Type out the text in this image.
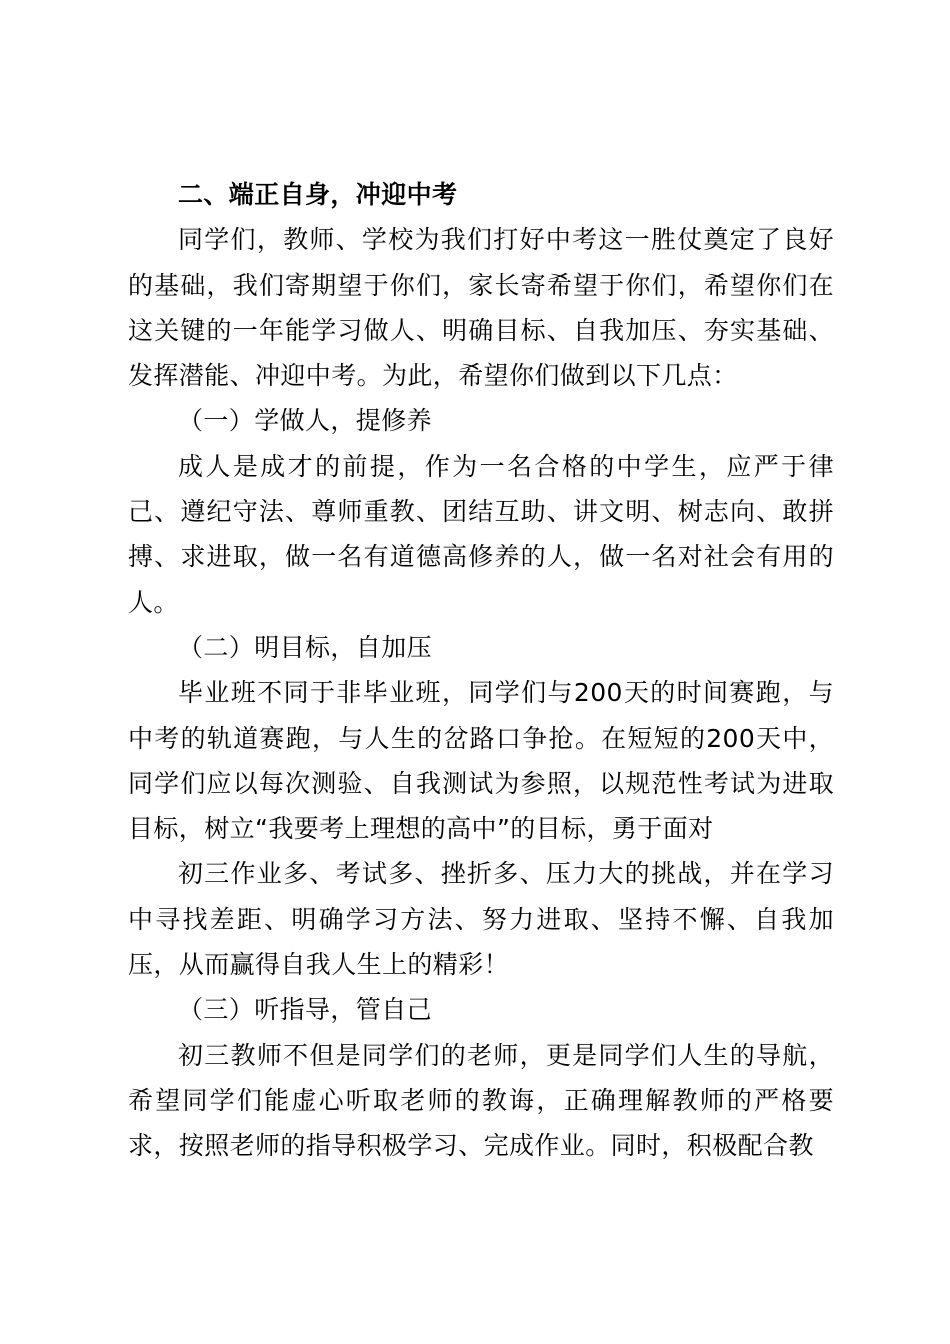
二、端正自身，冲迎中考

同学们，教师、学校为我们打好中考这一胜仗奠定了良好的基础，我们寄期望于你们，家长寄希望于你们，希望你们在这关键的一年能学习做人、明确目标、自我加压、夯实基础、发挥潜能、冲迎中考。为此，希望你们做到以下几点：

（一）学做人，提修养

成人是成才的前提，作为一名合格的中学生，应严于律己、遵纪守法、尊师重教、团结互助、讲文明、树志向、敢拼搏、求进取，做一名有道德高修养的人，做一名对社会有用的人。

（二）明目标，自加压

毕业班不同于非毕业班，同学们与200天的时间赛跑，与中考的轨道赛跑，与人生的岔路口争抢。在短短的200天中，同学们应以每次测验、自我测试为参照，以规范性考试为进取目标，树立“我要考上理想的高中”的目标，勇于面对

初三作业多、考试多、挫折多、压力大的挑战，并在学习中寻找差距、明确学习方法、努力进取、坚持不懈、自我加压，从而赢得自我人生上的精彩！

（三）听指导，管自己

初三教师不但是同学们的老师，更是同学们人生的导航，希望同学们能虚心听取老师的教诲，正确理解教师的严格要求，按照老师的指导积极学习、完成作业。同时，积极配合教
